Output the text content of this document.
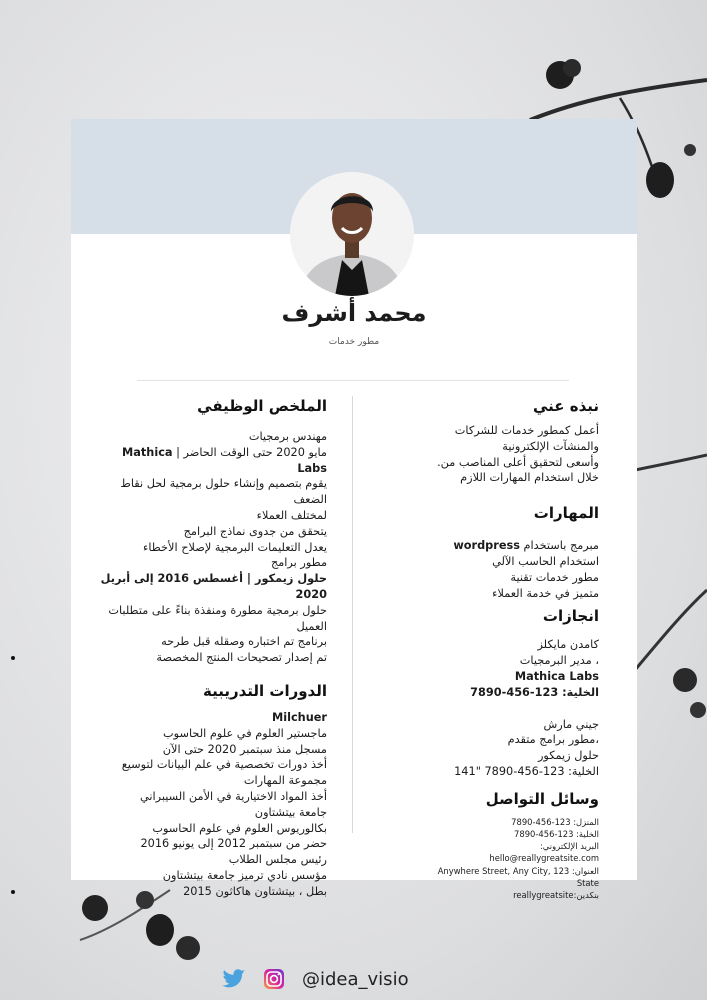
محمد أشرف
مطور خدمات
نبذه عني
أعمل كمطور خدمات للشركات
والمنشآت الإلكترونية
وأسعى لتحقيق أعلى المناصب من.
خلال استخدام المهارات اللازم
المهارات
مبرمج باستخدام wordpress
استخدام الحاسب الآلي
مطور خدمات تقنية
متميز في خدمة العملاء
انجازات
كامدن مايكلز
، مدير البرمجيات
Mathica Labs
الخلية: 123-456-7890
جيني مارش
،مطور برامج متقدم
حلول زيمكور
الخلية: 123-456-7890 "141
وسائل التواصل
المنزل: 123-456-7890
الخلية: 123-456-7890
البريد الإلكتروني: hello@reallygreatsite.com
العنوان: 123 Anywhere Street, Any City, State
بنكدين:reallygreatsite
الملخص الوظيفي
مهندس برمجيات
مايو 2020 حتى الوقت الحاضر | Mathica Labs
يقوم بتصميم وإنشاء حلول برمجية لحل نقاط الضعف
لمختلف العملاء
يتحقق من جدوى نماذج البرامج
يعدل التعليمات البرمجية لإصلاح الأخطاء
مطور برامج
حلول زيمكور | أغسطس 2016 إلى أبريل 2020
حلول برمجية مطورة ومنفذة بناءً على متطلبات العميل
برنامج تم اختباره وصقله قبل طرحه
تم إصدار تصحيحات المنتج المخصصة
الدورات التدريبية
Milchuer
ماجستير العلوم في علوم الحاسوب
مسجل منذ سبتمبر 2020 حتى الآن
أخذ دورات تخصصية في علم البيانات لتوسيع
مجموعة المهارات
أخذ المواد الاختيارية في الأمن السيبراني
جامعة بيتشتاون
بكالوريوس العلوم في علوم الحاسوب
حضر من سبتمبر 2012 إلى يونيو 2016
رئيس مجلس الطلاب
مؤسس نادي ترميز جامعة بيتشتاون
بطل ، بيتشتاون هاكاثون 2015
@idea_visio
